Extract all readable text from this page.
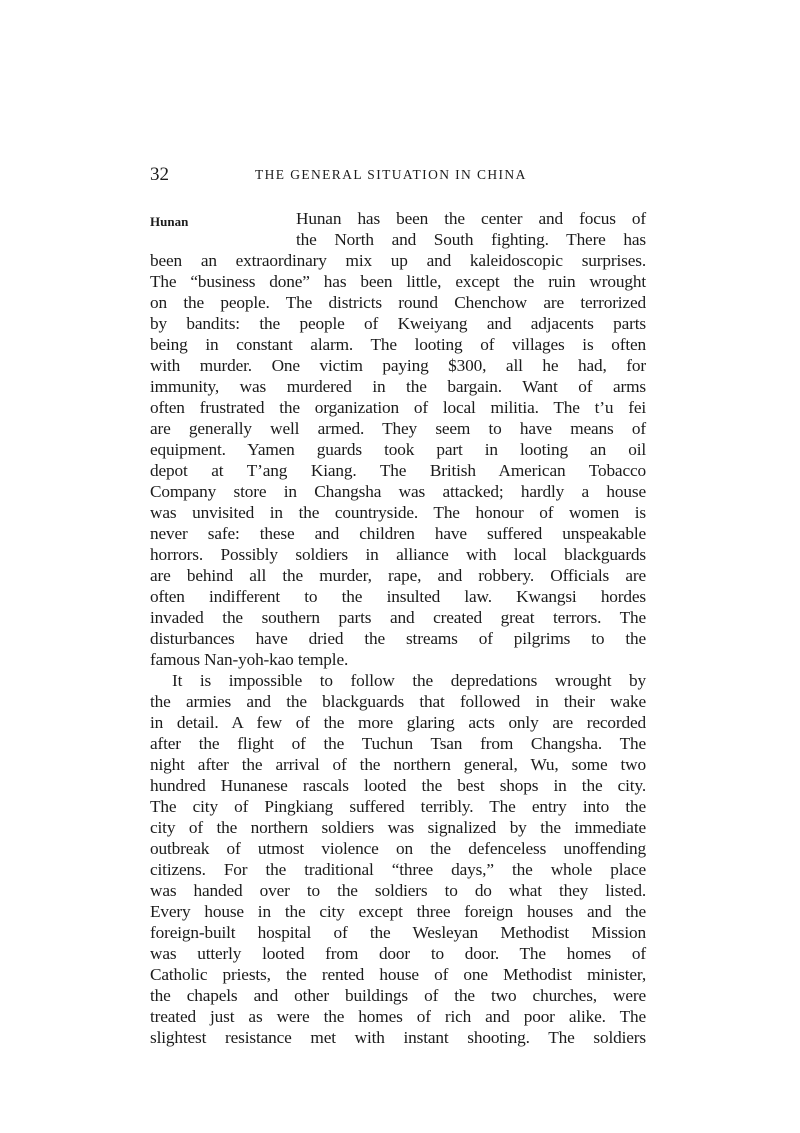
32	THE GENERAL SITUATION IN CHINA
Hunan	Hunan has been the center and focus of
the North and South fighting. There has
been an extraordinary mix up and kaleidoscopic surprises.
The “business done” has been little, except the ruin wrought
on the people. The districts round Chenchow are terrorized
by bandits: the people of Kweiyang and adjacents parts
being in constant alarm. The looting of villages is often
with murder. One victim paying $300, all he had, for
immunity, was murdered in the bargain. Want of arms
often frustrated the organization of local militia. The t’u fei
are generally well armed. They seem to have means of
equipment. Yamen guards took part in looting an oil
depot at T’ang Kiang. The British American Tobacco
Company store in Changsha was attacked; hardly a house
was unvisited in the countryside. The honour of women is
never safe: these and children have suffered unspeakable
horrors. Possibly soldiers in alliance with local blackguards
are behind all the murder, rape, and robbery. Officials are
often indifferent to the insulted law. Kwangsi hordes
invaded the southern parts and created great terrors. The
disturbances have dried the streams of pilgrims to the
famous Nan-yoh-kao temple.
It is impossible to follow the depredations wrought by
the armies and the blackguards that followed in their wake
in detail. A few of the more glaring acts only are recorded
after the flight of the Tuchun Tsan from Changsha. The
night after the arrival of the northern general, Wu, some two
hundred Hunanese rascals looted the best shops in the city.
The city of Pingkiang suffered terribly. The entry into the
city of the northern soldiers was signalized by the immediate
outbreak of utmost violence on the defenceless unoffending
citizens. For the traditional “three days,” the whole place
was handed over to the soldiers to do what they listed.
Every house in the city except three foreign houses and the
foreign-built hospital of the Wesleyan Methodist Mission
was utterly looted from door to door. The homes of
Catholic priests, the rented house of one Methodist minister,
the chapels and other buildings of the two churches, were
treated just as were the homes of rich and poor alike. The
slightest resistance met with instant shooting. The soldiers
